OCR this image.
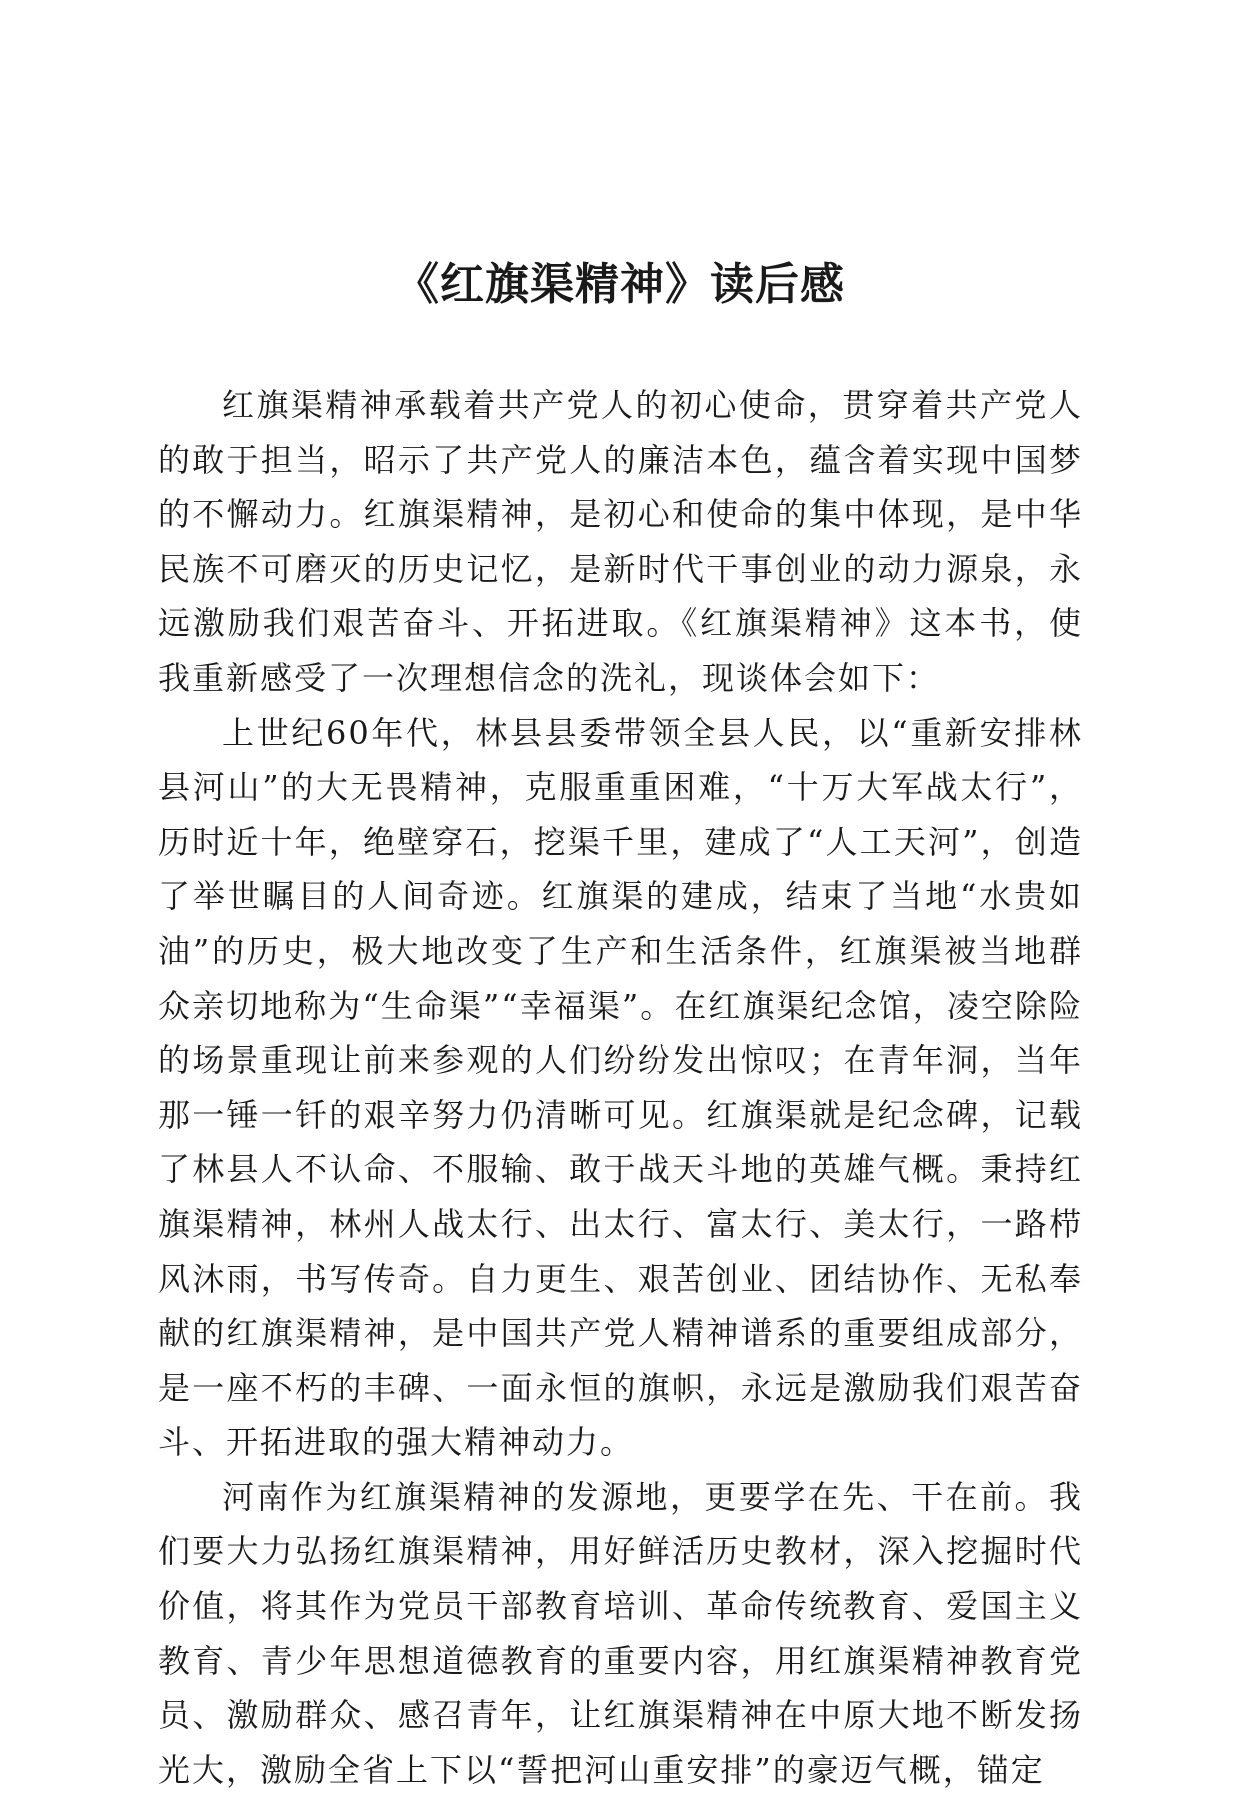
《红旗渠精神》读后感

红旗渠精神承载着共产党人的初心使命，贯穿着共产党人的敢于担当，昭示了共产党人的廉洁本色，蕴含着实现中国梦的不懈动力。红旗渠精神，是初心和使命的集中体现，是中华民族不可磨灭的历史记忆，是新时代干事创业的动力源泉，永远激励我们艰苦奋斗、开拓进取。《红旗渠精神》这本书，使我重新感受了一次理想信念的洗礼，现谈体会如下：

上世纪60年代，林县县委带领全县人民，以“重新安排林县河山”的大无畏精神，克服重重困难，“十万大军战太行”，历时近十年，绝壁穿石，挖渠千里，建成了“人工天河”，创造了举世瞩目的人间奇迹。红旗渠的建成，结束了当地“水贵如油”的历史，极大地改变了生产和生活条件，红旗渠被当地群众亲切地称为“生命渠”“幸福渠”。在红旗渠纪念馆，凌空除险的场景重现让前来参观的人们纷纷发出惊叹；在青年洞，当年那一锤一钎的艰辛努力仍清晰可见。红旗渠就是纪念碑，记载了林县人不认命、不服输、敢于战天斗地的英雄气概。秉持红旗渠精神，林州人战太行、出太行、富太行、美太行，一路栉风沐雨，书写传奇。自力更生、艰苦创业、团结协作、无私奉献的红旗渠精神，是中国共产党人精神谱系的重要组成部分，是一座不朽的丰碑、一面永恒的旗帜，永远是激励我们艰苦奋斗、开拓进取的强大精神动力。

河南作为红旗渠精神的发源地，更要学在先、干在前。我们要大力弘扬红旗渠精神，用好鲜活历史教材，深入挖掘时代价值，将其作为党员干部教育培训、革命传统教育、爱国主义教育、青少年思想道德教育的重要内容，用红旗渠精神教育党员、激励群众、感召青年，让红旗渠精神在中原大地不断发扬光大，激励全省上下以“誓把河山重安排”的豪迈气概，锚定
